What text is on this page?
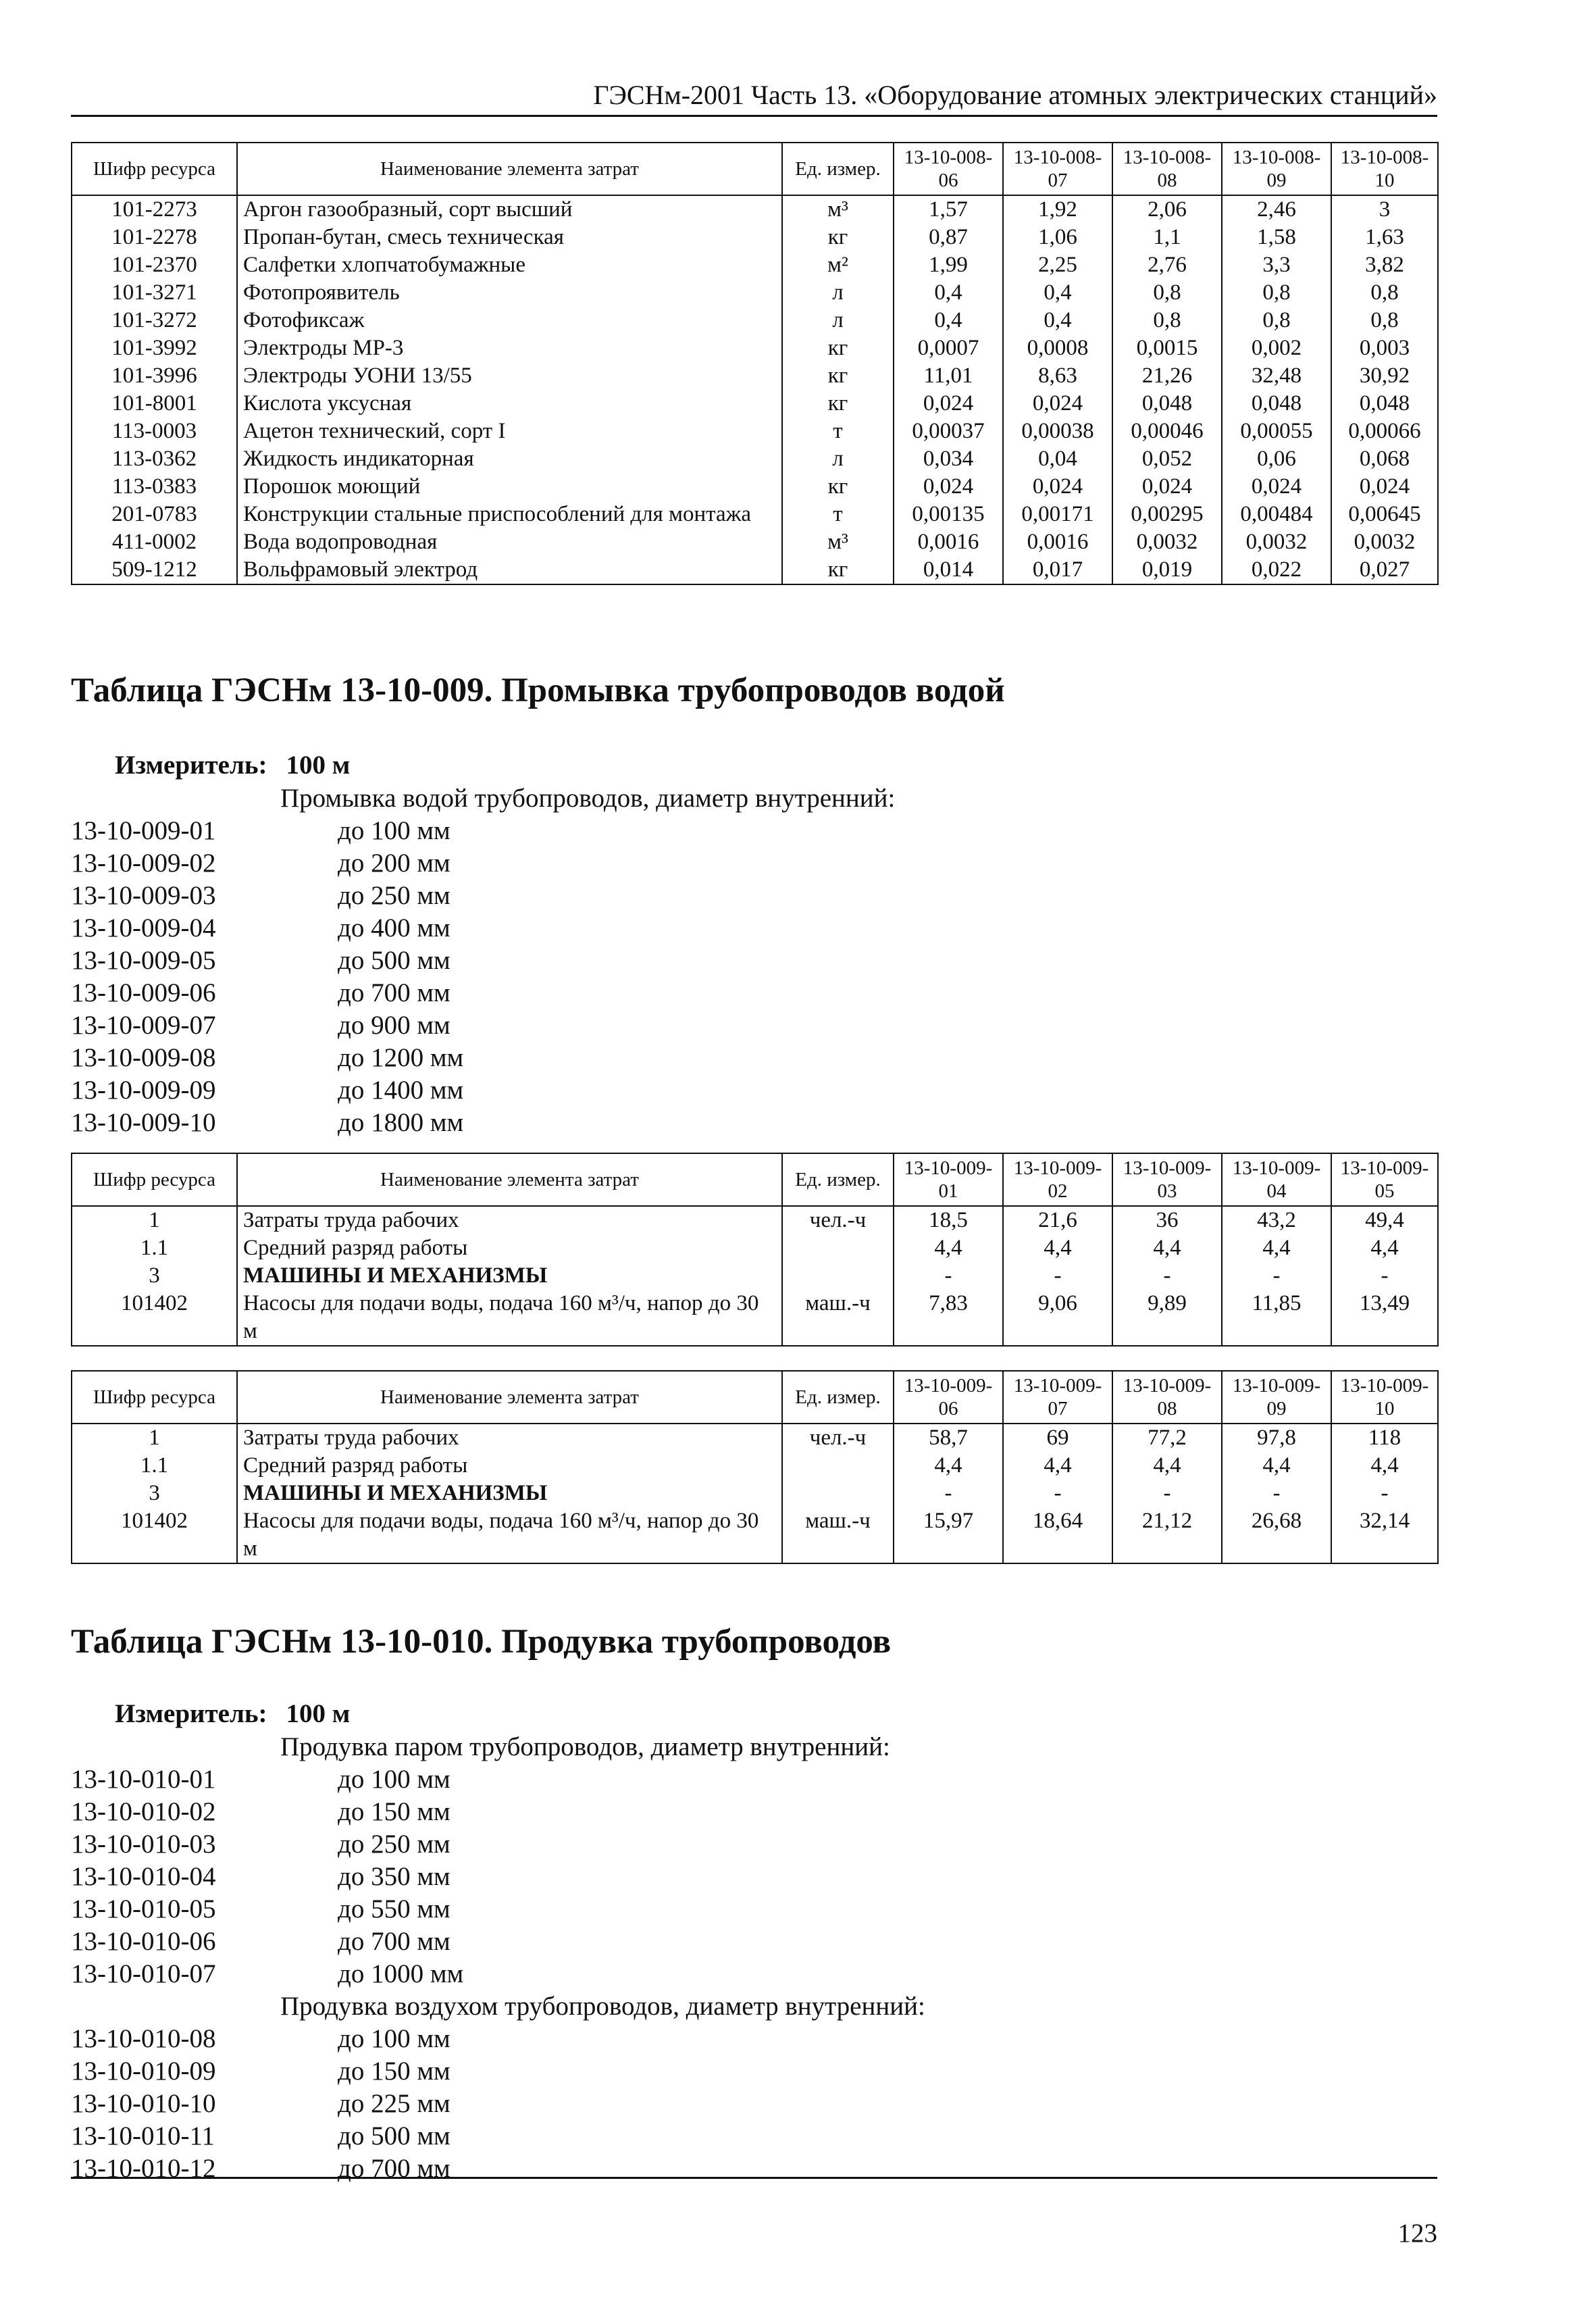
ГЭСНм-2001 Часть 13. «Оборудование атомных электрических станций»
Шифр ресурса	Наименование элемента затрат	Ед. измер.	13-10-008-06	13-10-008-07	13-10-008-08	13-10-008-09	13-10-008-10
101-2273	Аргон газообразный, сорт высший	м³	1,57	1,92	2,06	2,46	3
101-2278	Пропан-бутан, смесь техническая	кг	0,87	1,06	1,1	1,58	1,63
101-2370	Салфетки хлопчатобумажные	м²	1,99	2,25	2,76	3,3	3,82
101-3271	Фотопроявитель	л	0,4	0,4	0,8	0,8	0,8
101-3272	Фотофиксаж	л	0,4	0,4	0,8	0,8	0,8
101-3992	Электроды МР-3	кг	0,0007	0,0008	0,0015	0,002	0,003
101-3996	Электроды УОНИ 13/55	кг	11,01	8,63	21,26	32,48	30,92
101-8001	Кислота уксусная	кг	0,024	0,024	0,048	0,048	0,048
113-0003	Ацетон технический, сорт I	т	0,00037	0,00038	0,00046	0,00055	0,00066
113-0362	Жидкость индикаторная	л	0,034	0,04	0,052	0,06	0,068
113-0383	Порошок моющий	кг	0,024	0,024	0,024	0,024	0,024
201-0783	Конструкции стальные приспособлений для монтажа	т	0,00135	0,00171	0,00295	0,00484	0,00645
411-0002	Вода водопроводная	м³	0,0016	0,0016	0,0032	0,0032	0,0032
509-1212	Вольфрамовый электрод	кг	0,014	0,017	0,019	0,022	0,027
Таблица ГЭСНм 13-10-009. Промывка трубопроводов водой
Измеритель: 100 м
Промывка водой трубопроводов, диаметр внутренний:
13-10-009-01	до 100 мм
13-10-009-02	до 200 мм
13-10-009-03	до 250 мм
13-10-009-04	до 400 мм
13-10-009-05	до 500 мм
13-10-009-06	до 700 мм
13-10-009-07	до 900 мм
13-10-009-08	до 1200 мм
13-10-009-09	до 1400 мм
13-10-009-10	до 1800 мм
Шифр ресурса	Наименование элемента затрат	Ед. измер.	13-10-009-01	13-10-009-02	13-10-009-03	13-10-009-04	13-10-009-05
1	Затраты труда рабочих	чел.-ч	18,5	21,6	36	43,2	49,4
1.1	Средний разряд работы		4,4	4,4	4,4	4,4	4,4
3	МАШИНЫ И МЕХАНИЗМЫ		-	-	-	-	-
101402	Насосы для подачи воды, подача 160 м³/ч, напор до 30 м	маш.-ч	7,83	9,06	9,89	11,85	13,49
Шифр ресурса	Наименование элемента затрат	Ед. измер.	13-10-009-06	13-10-009-07	13-10-009-08	13-10-009-09	13-10-009-10
1	Затраты труда рабочих	чел.-ч	58,7	69	77,2	97,8	118
1.1	Средний разряд работы		4,4	4,4	4,4	4,4	4,4
3	МАШИНЫ И МЕХАНИЗМЫ		-	-	-	-	-
101402	Насосы для подачи воды, подача 160 м³/ч, напор до 30 м	маш.-ч	15,97	18,64	21,12	26,68	32,14
Таблица ГЭСНм 13-10-010. Продувка трубопроводов
Измеритель: 100 м
Продувка паром трубопроводов, диаметр внутренний:
13-10-010-01	до 100 мм
13-10-010-02	до 150 мм
13-10-010-03	до 250 мм
13-10-010-04	до 350 мм
13-10-010-05	до 550 мм
13-10-010-06	до 700 мм
13-10-010-07	до 1000 мм
Продувка воздухом трубопроводов, диаметр внутренний:
13-10-010-08	до 100 мм
13-10-010-09	до 150 мм
13-10-010-10	до 225 мм
13-10-010-11	до 500 мм
13-10-010-12	до 700 мм
123
